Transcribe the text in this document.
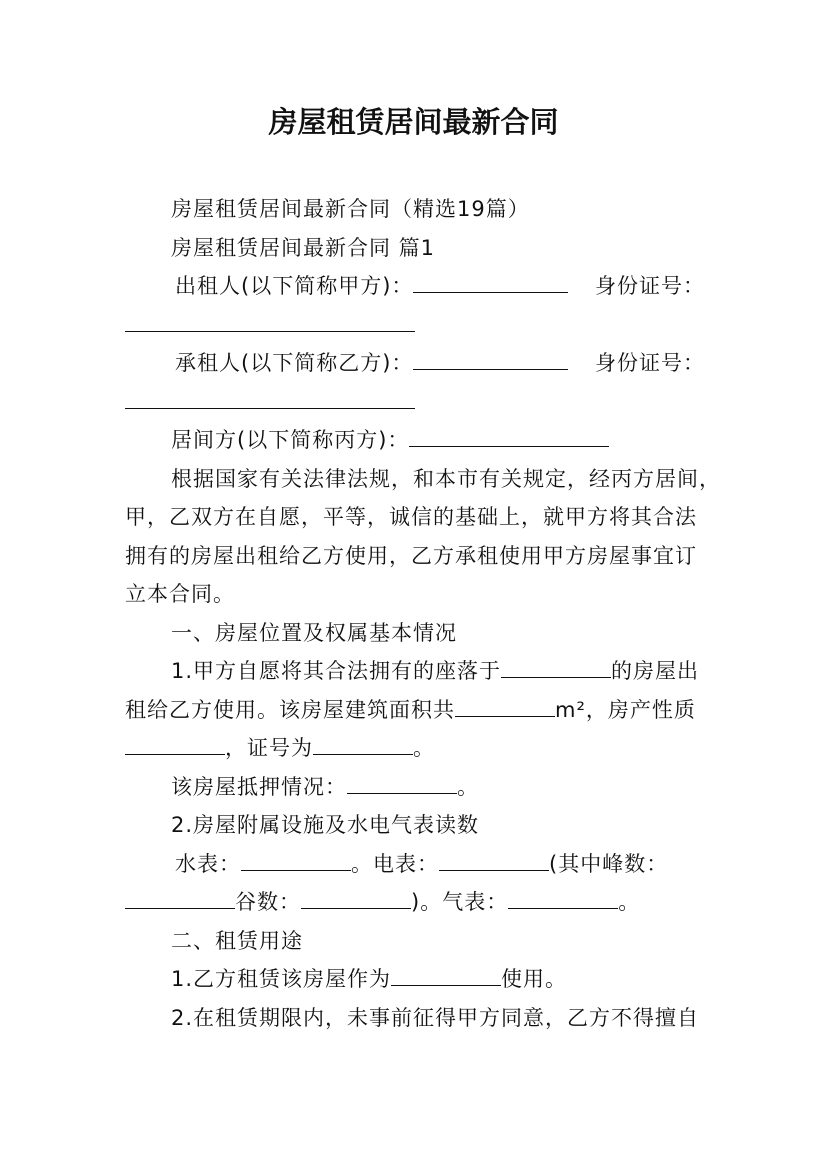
房屋租赁居间最新合同
房屋租赁居间最新合同（精选19篇）
房屋租赁居间最新合同 篇1
出租人(以下简称甲方)：	身份证号：
承租人(以下简称乙方)：	身份证号：
居间方(以下简称丙方)：
根据国家有关法律法规，和本市有关规定，经丙方居间，
甲，乙双方在自愿，平等，诚信的基础上，就甲方将其合法
拥有的房屋出租给乙方使用，乙方承租使用甲方房屋事宜订
立本合同。
一、房屋位置及权属基本情况
1.甲方自愿将其合法拥有的座落于	的房屋出
租给乙方使用。该房屋建筑面积共	m²，房产性质
，证号为	。
该房屋抵押情况：	。
2.房屋附属设施及水电气表读数
水表：	。电表：	(其中峰数：
谷数：	)。气表：	。
二、租赁用途
1.乙方租赁该房屋作为	使用。
2.在租赁期限内，未事前征得甲方同意，乙方不得擅自
